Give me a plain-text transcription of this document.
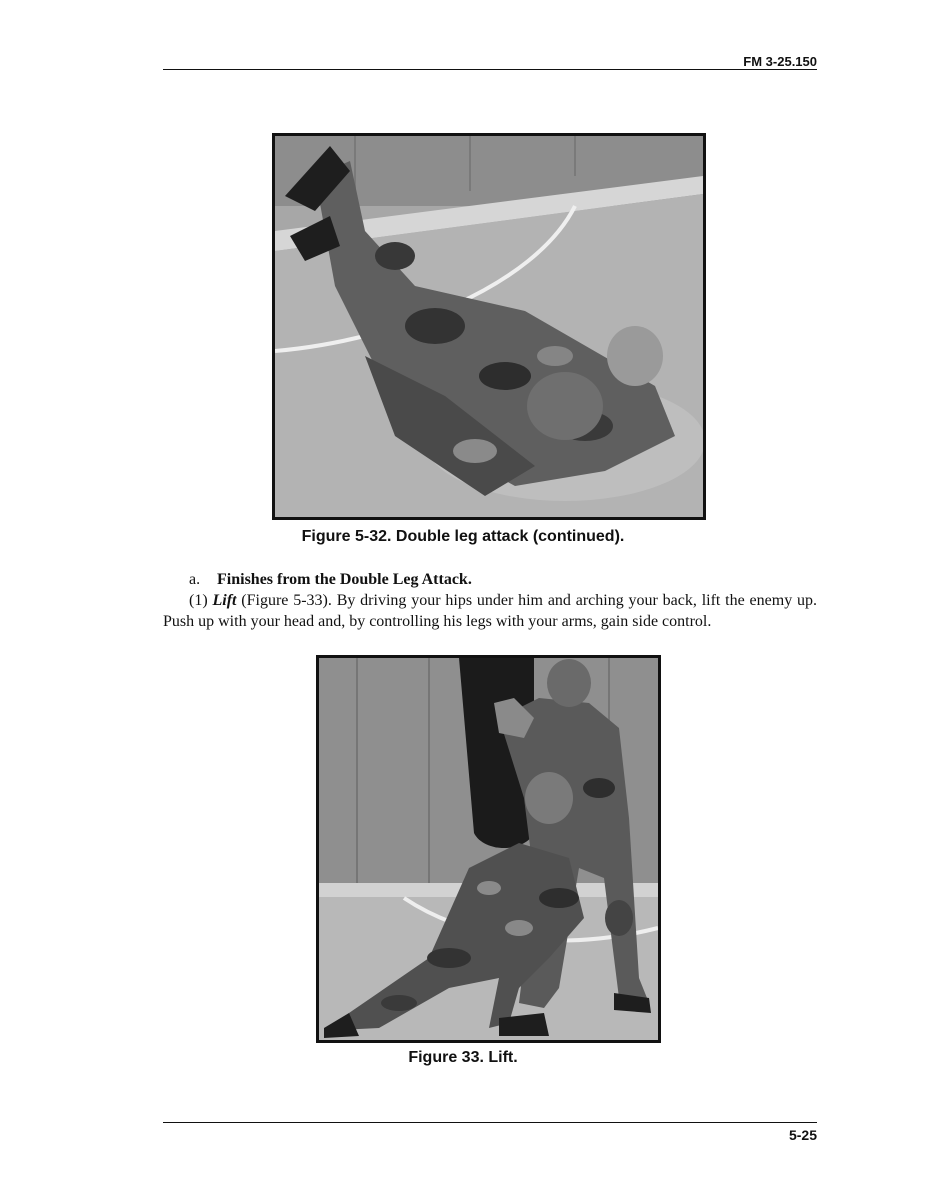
FM 3-25.150
Figure 5-32. Double leg attack (continued).
a. Finishes from the Double Leg Attack.
(1) Lift (Figure 5-33). By driving your hips under him and arching your back, lift the enemy up. Push up with your head and, by controlling his legs with your arms, gain side control.
Figure 33. Lift.
5-25
